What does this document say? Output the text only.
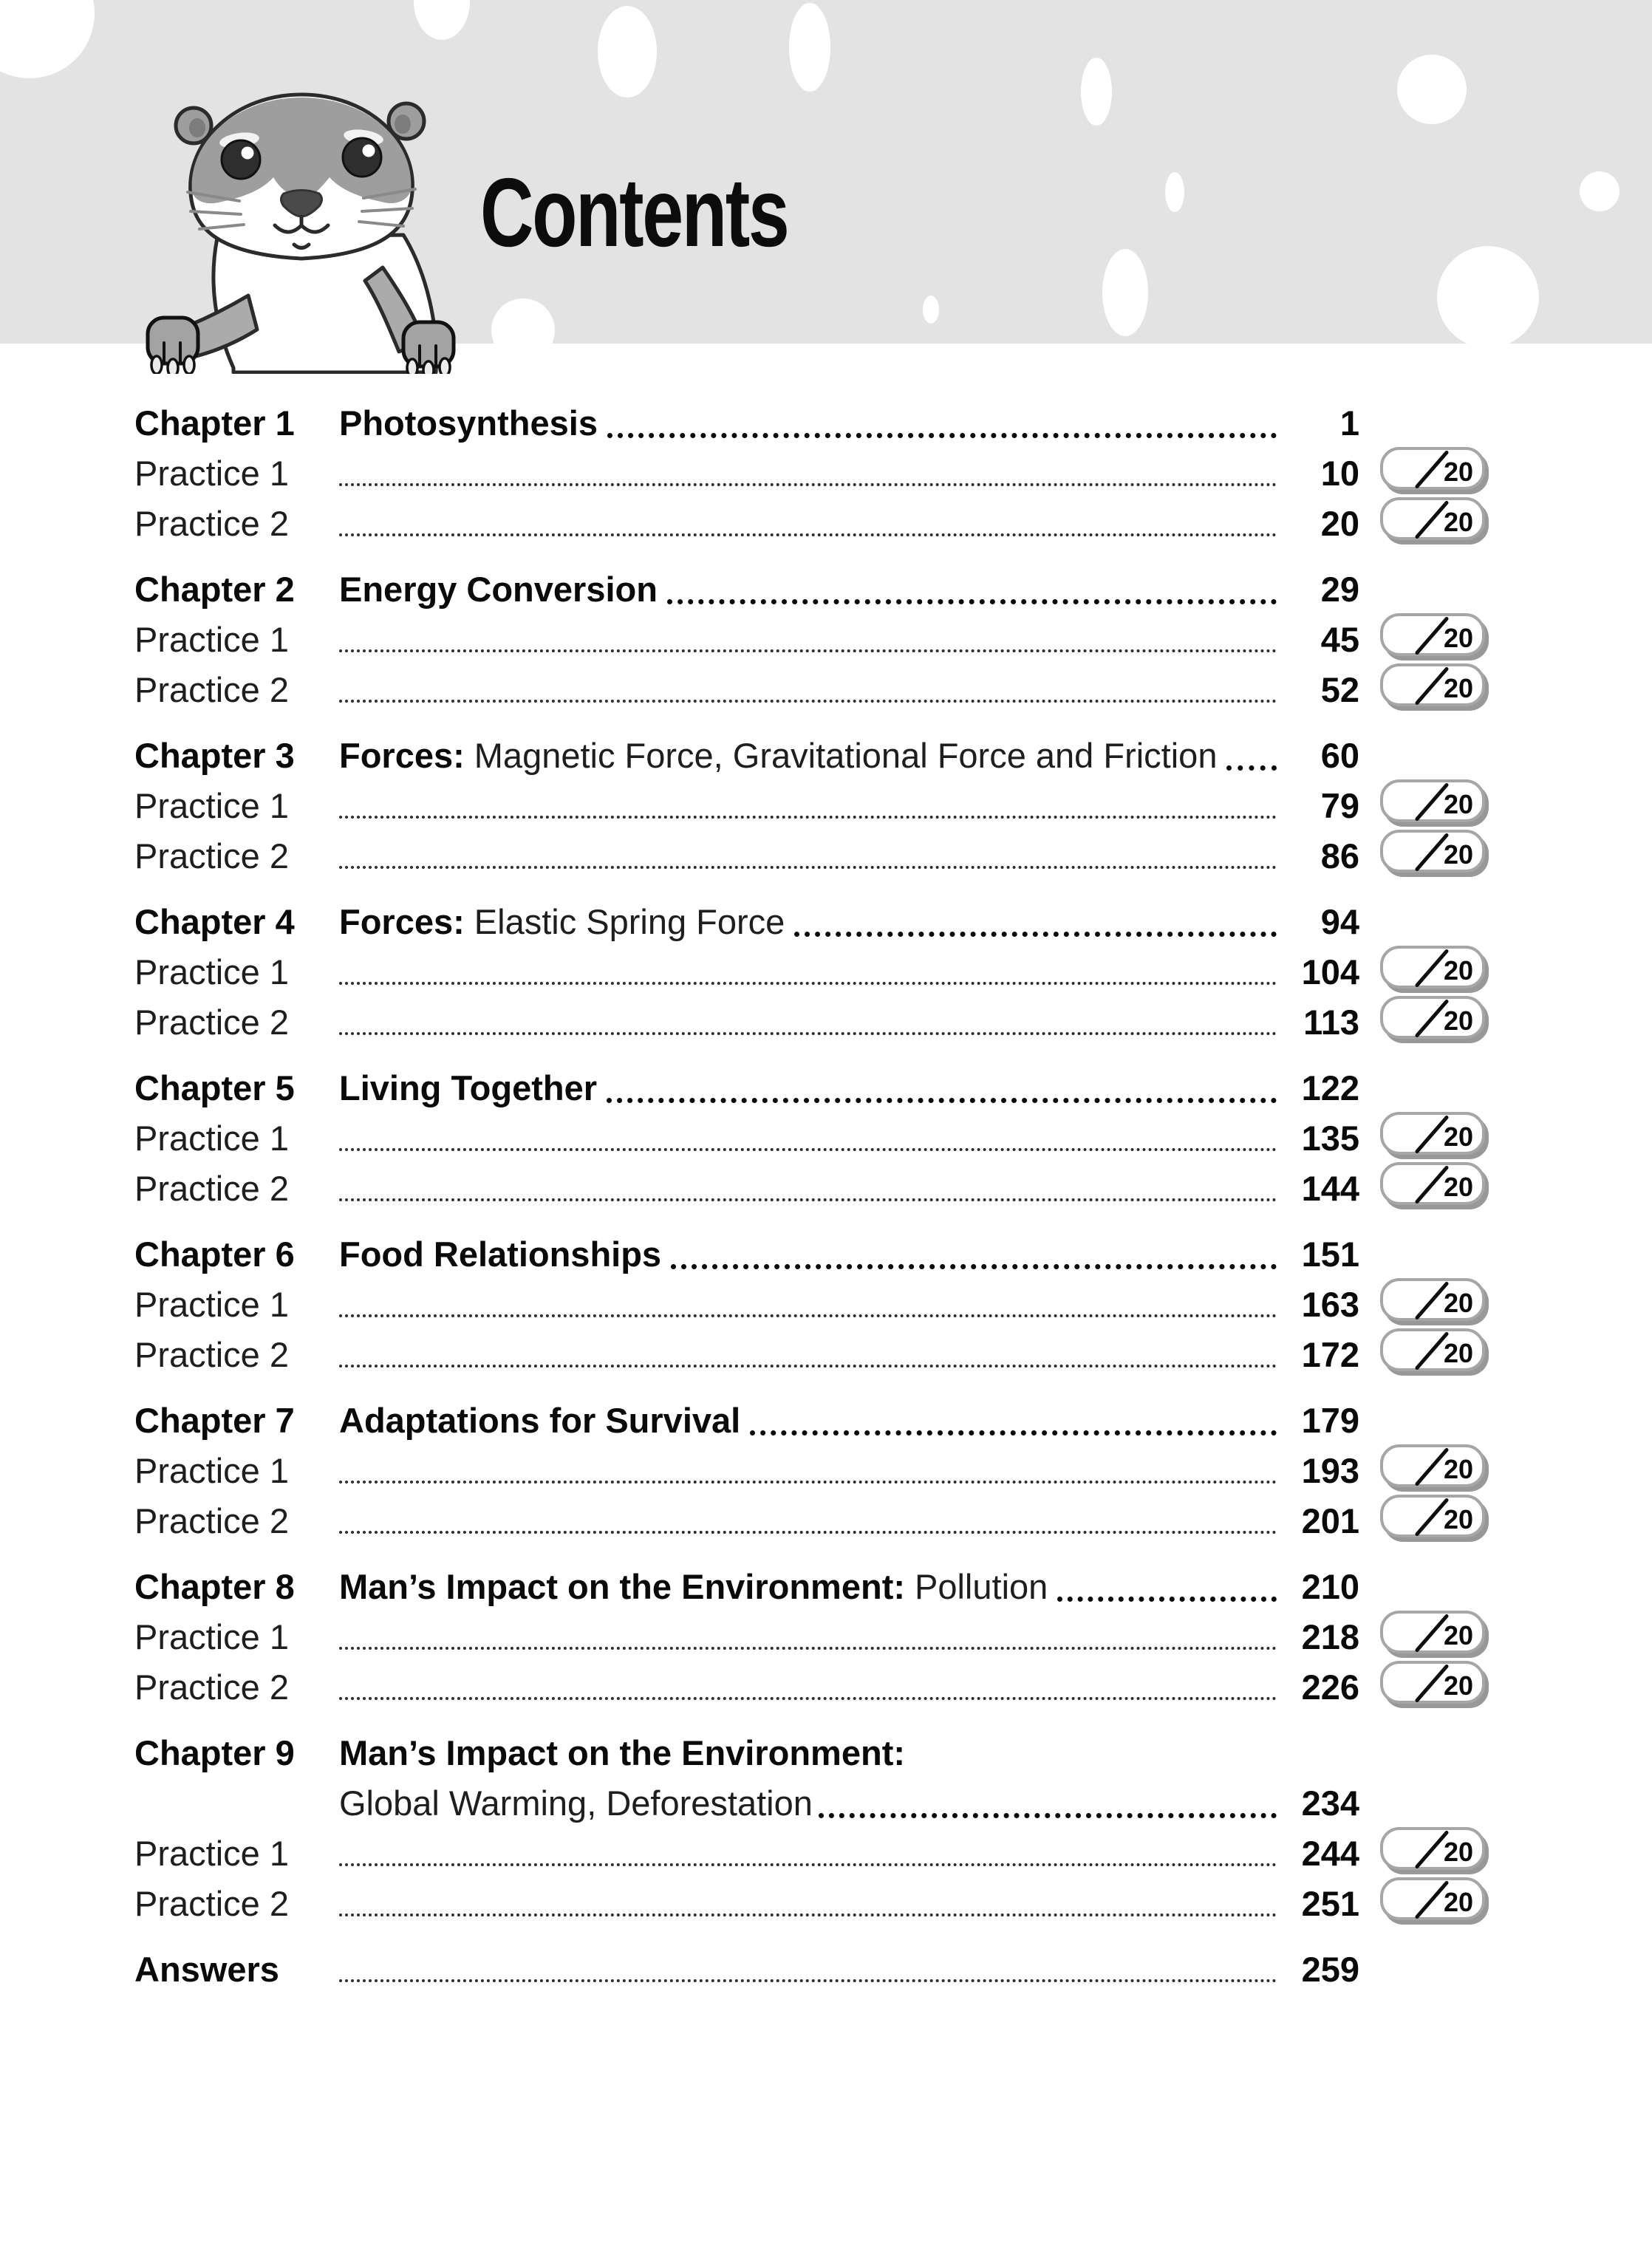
Contents
Chapter 1	Photosynthesis	1
Practice 1	10	20
Practice 2	20	20
Chapter 2	Energy Conversion	29
Practice 1	45	20
Practice 2	52	20
Chapter 3	Forces: Magnetic Force, Gravitational Force and Friction	60
Practice 1	79	20
Practice 2	86	20
Chapter 4	Forces: Elastic Spring Force	94
Practice 1	104	20
Practice 2	113	20
Chapter 5	Living Together	122
Practice 1	135	20
Practice 2	144	20
Chapter 6	Food Relationships	151
Practice 1	163	20
Practice 2	172	20
Chapter 7	Adaptations for Survival	179
Practice 1	193	20
Practice 2	201	20
Chapter 8	Man’s Impact on the Environment: Pollution	210
Practice 1	218	20
Practice 2	226	20
Chapter 9	Man’s Impact on the Environment:
Global Warming, Deforestation	234
Practice 1	244	20
Practice 2	251	20
Answers	259
